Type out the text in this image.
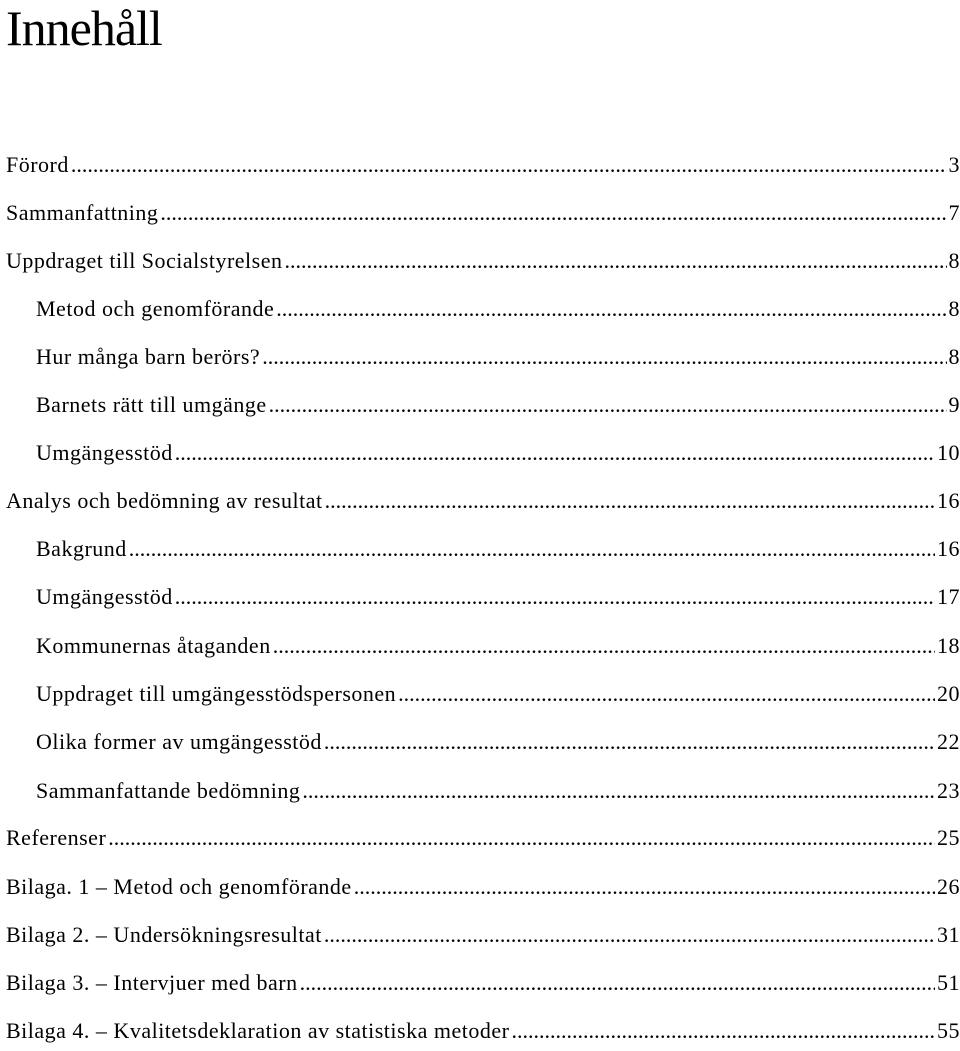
Innehåll
Förord .....	3
Sammanfattning .....	7
Uppdraget till Socialstyrelsen .....	8
Metod och genomförande .....	8
Hur många barn berörs? .....	8
Barnets rätt till umgänge .....	9
Umgängesstöd .....	10
Analys och bedömning av resultat .....	16
Bakgrund .....	16
Umgängesstöd .....	17
Kommunernas åtaganden .....	18
Uppdraget till umgängesstödspersonen .....	20
Olika former av umgängesstöd .....	22
Sammanfattande bedömning .....	23
Referenser .....	25
Bilaga. 1 – Metod och genomförande .....	26
Bilaga 2. – Undersökningsresultat .....	31
Bilaga 3. – Intervjuer med barn .....	51
Bilaga 4. – Kvalitetsdeklaration av statistiska metoder .....	55
